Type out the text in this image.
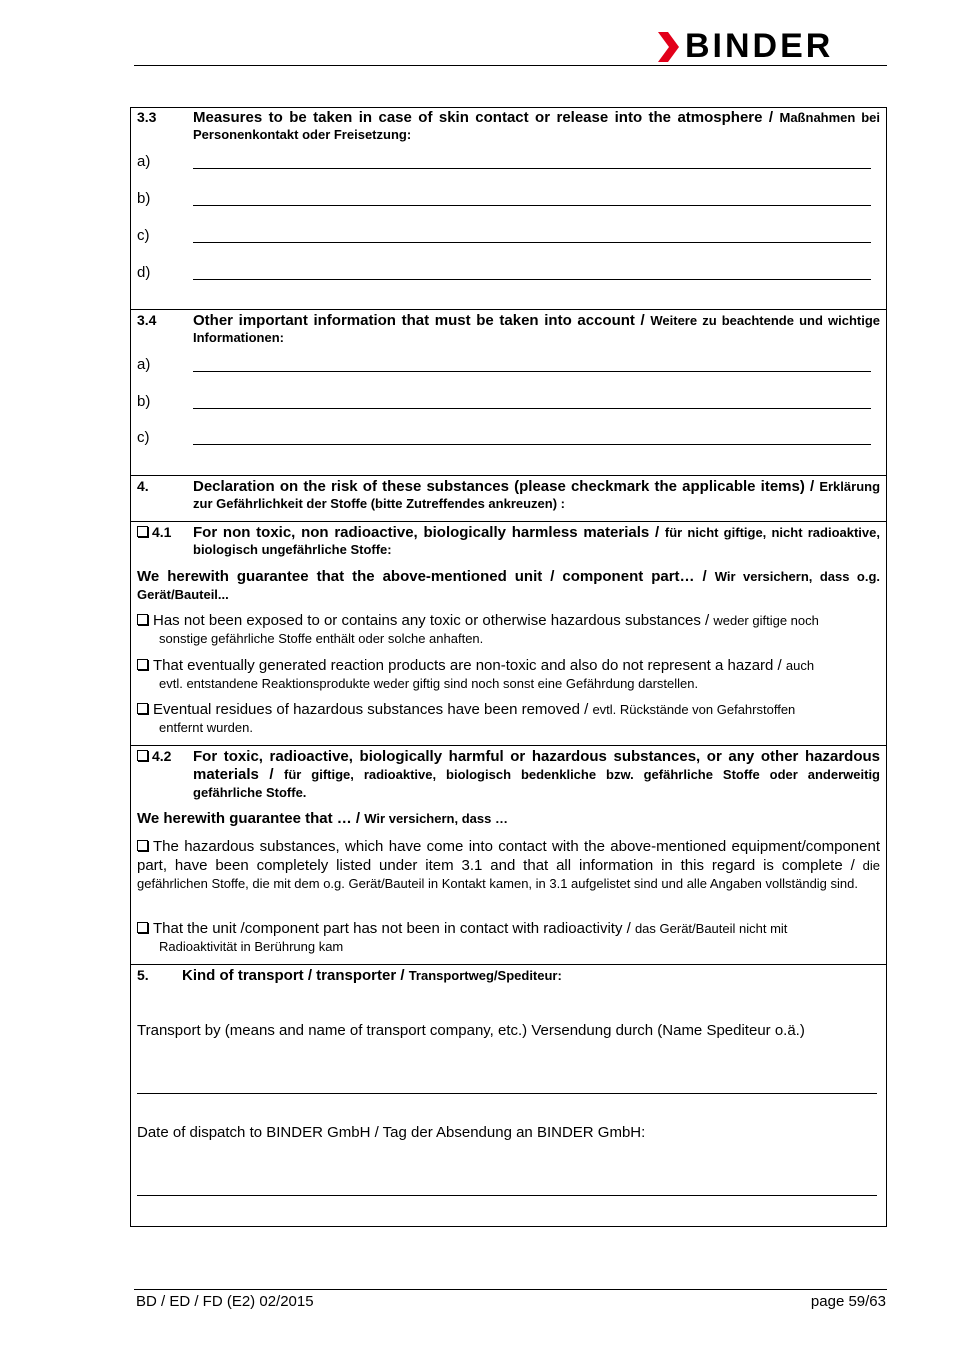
BINDER
3.3 Measures to be taken in case of skin contact or release into the atmosphere / Maßnahmen bei Personenkontakt oder Freisetzung:
a)
b)
c)
d)
3.4 Other important information that must be taken into account / Weitere zu beachtende und wichtige Informationen:
a)
b)
c)
4.	Declaration on the risk of these substances (please checkmark the applicable items) / Erklärung zur Gefährlichkeit der Stoffe (bitte Zutreffendes ankreuzen) :
4.1 For non toxic, non radioactive, biologically harmless materials / für nicht giftige, nicht radioaktive, biologisch ungefährliche Stoffe:
We herewith guarantee that the above-mentioned unit / component part… / Wir versichern, dass o.g. Gerät/Bauteil...
Has not been exposed to or contains any toxic or otherwise hazardous substances / weder giftige noch
sonstige gefährliche Stoffe enthält oder solche anhaften.
That eventually generated reaction products are non-toxic and also do not represent a hazard / auch
evtl. entstandene Reaktionsprodukte weder giftig sind noch sonst eine Gefährdung darstellen.
Eventual residues of hazardous substances have been removed / evtl. Rückstände von Gefahrstoffen
entfernt wurden.
4.2 For toxic, radioactive, biologically harmful or hazardous substances, or any other hazardous materials / für giftige, radioaktive, biologisch bedenkliche bzw. gefährliche Stoffe oder anderweitig gefährliche Stoffe.
We herewith guarantee that … / Wir versichern, dass …
The hazardous substances, which have come into contact with the above-mentioned equipment/component part, have been completely listed under item 3.1 and that all information in this regard is complete / die gefährlichen Stoffe, die mit dem o.g. Gerät/Bauteil in Kontakt kamen, in 3.1 aufgelistet sind und alle Angaben vollständig sind.
That the unit /component part has not been in contact with radioactivity / das Gerät/Bauteil nicht mit
Radioaktivität in Berührung kam
5. Kind of transport / transporter / Transportweg/Spediteur:
Transport by (means and name of transport company, etc.) Versendung durch (Name Spediteur o.ä.)
Date of dispatch to BINDER GmbH / Tag der Absendung an BINDER GmbH:
BD / ED / FD (E2) 02/2015	page 59/63
